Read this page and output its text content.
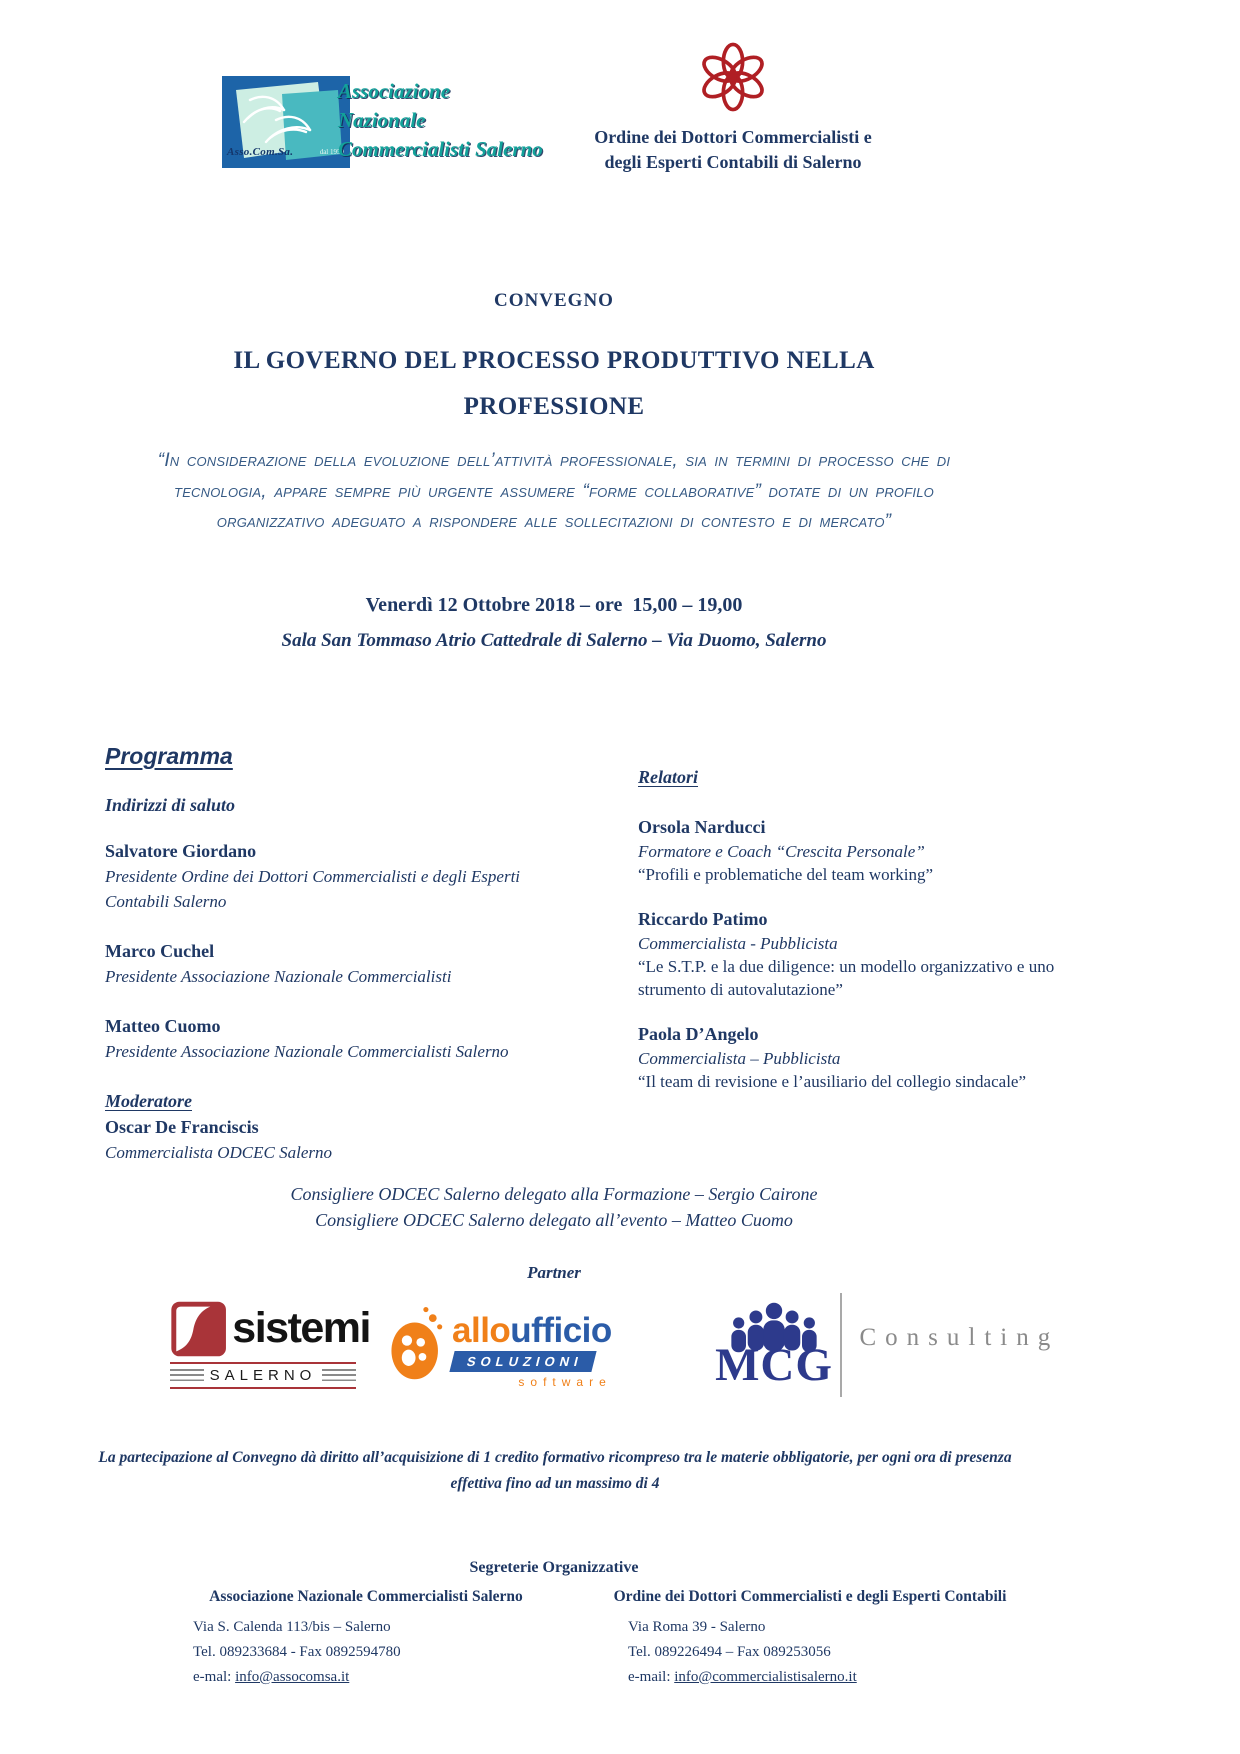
Asso.Com.Sa.	dal 1950
Associazione
Nazionale
Commercialisti Salerno	Ordine dei Dottori Commercialisti e
degli Esperti Contabili di Salerno
CONVEGNO
IL GOVERNO DEL PROCESSO PRODUTTIVO NELLA
PROFESSIONE

“In considerazione della evoluzione dell’attività professionale, sia in termini di processo che di tecnologia, appare sempre più urgente assumere “forme collaborative” dotate di un profilo organizzativo adeguato a rispondere alle sollecitazioni di contesto e di mercato”

Venerdì 12 Ottobre 2018 – ore  15,00 – 19,00
Sala San Tommaso Atrio Cattedrale di Salerno – Via Duomo, Salerno
Programma
Indirizzi di saluto
Salvatore Giordano
Presidente Ordine dei Dottori Commercialisti e degli Esperti Contabili Salerno
Marco Cuchel
Presidente Associazione Nazionale Commercialisti
Matteo Cuomo
Presidente Associazione Nazionale Commercialisti Salerno
Moderatore
Oscar De Franciscis
Commercialista ODCEC Salerno
Relatori
Orsola Narducci
Formatore e Coach “Crescita Personale”
“Profili e problematiche del team working”
Riccardo Patimo
Commercialista - Pubblicista
“Le S.T.P. e la due diligence: un modello organizzativo e uno strumento di autovalutazione”
Paola D’Angelo
Commercialista – Pubblicista
“Il team di revisione e l’ausiliario del collegio sindacale”
Consigliere ODCEC Salerno delegato alla Formazione – Sergio Cairone
Consigliere ODCEC Salerno delegato all’evento – Matteo Cuomo
Partner
sistemi
SALERNO
alloufficio
SOLUZIONI
software MCG
Consulting

La partecipazione al Convegno dà diritto all’acquisizione di 1 credito formativo ricompreso tra le materie obbligatorie, per ogni ora di presenza effettiva fino ad un massimo di 4

Segreterie Organizzative
Associazione Nazionale Commercialisti Salerno
Via S. Calenda 113/bis – Salerno
Tel. 089233684 - Fax 0892594780
e-mal: info@assocomsa.it
Ordine dei Dottori Commercialisti e degli Esperti Contabili
Via Roma 39 - Salerno
Tel. 089226494 – Fax 089253056
e-mail: info@commercialistisalerno.it
